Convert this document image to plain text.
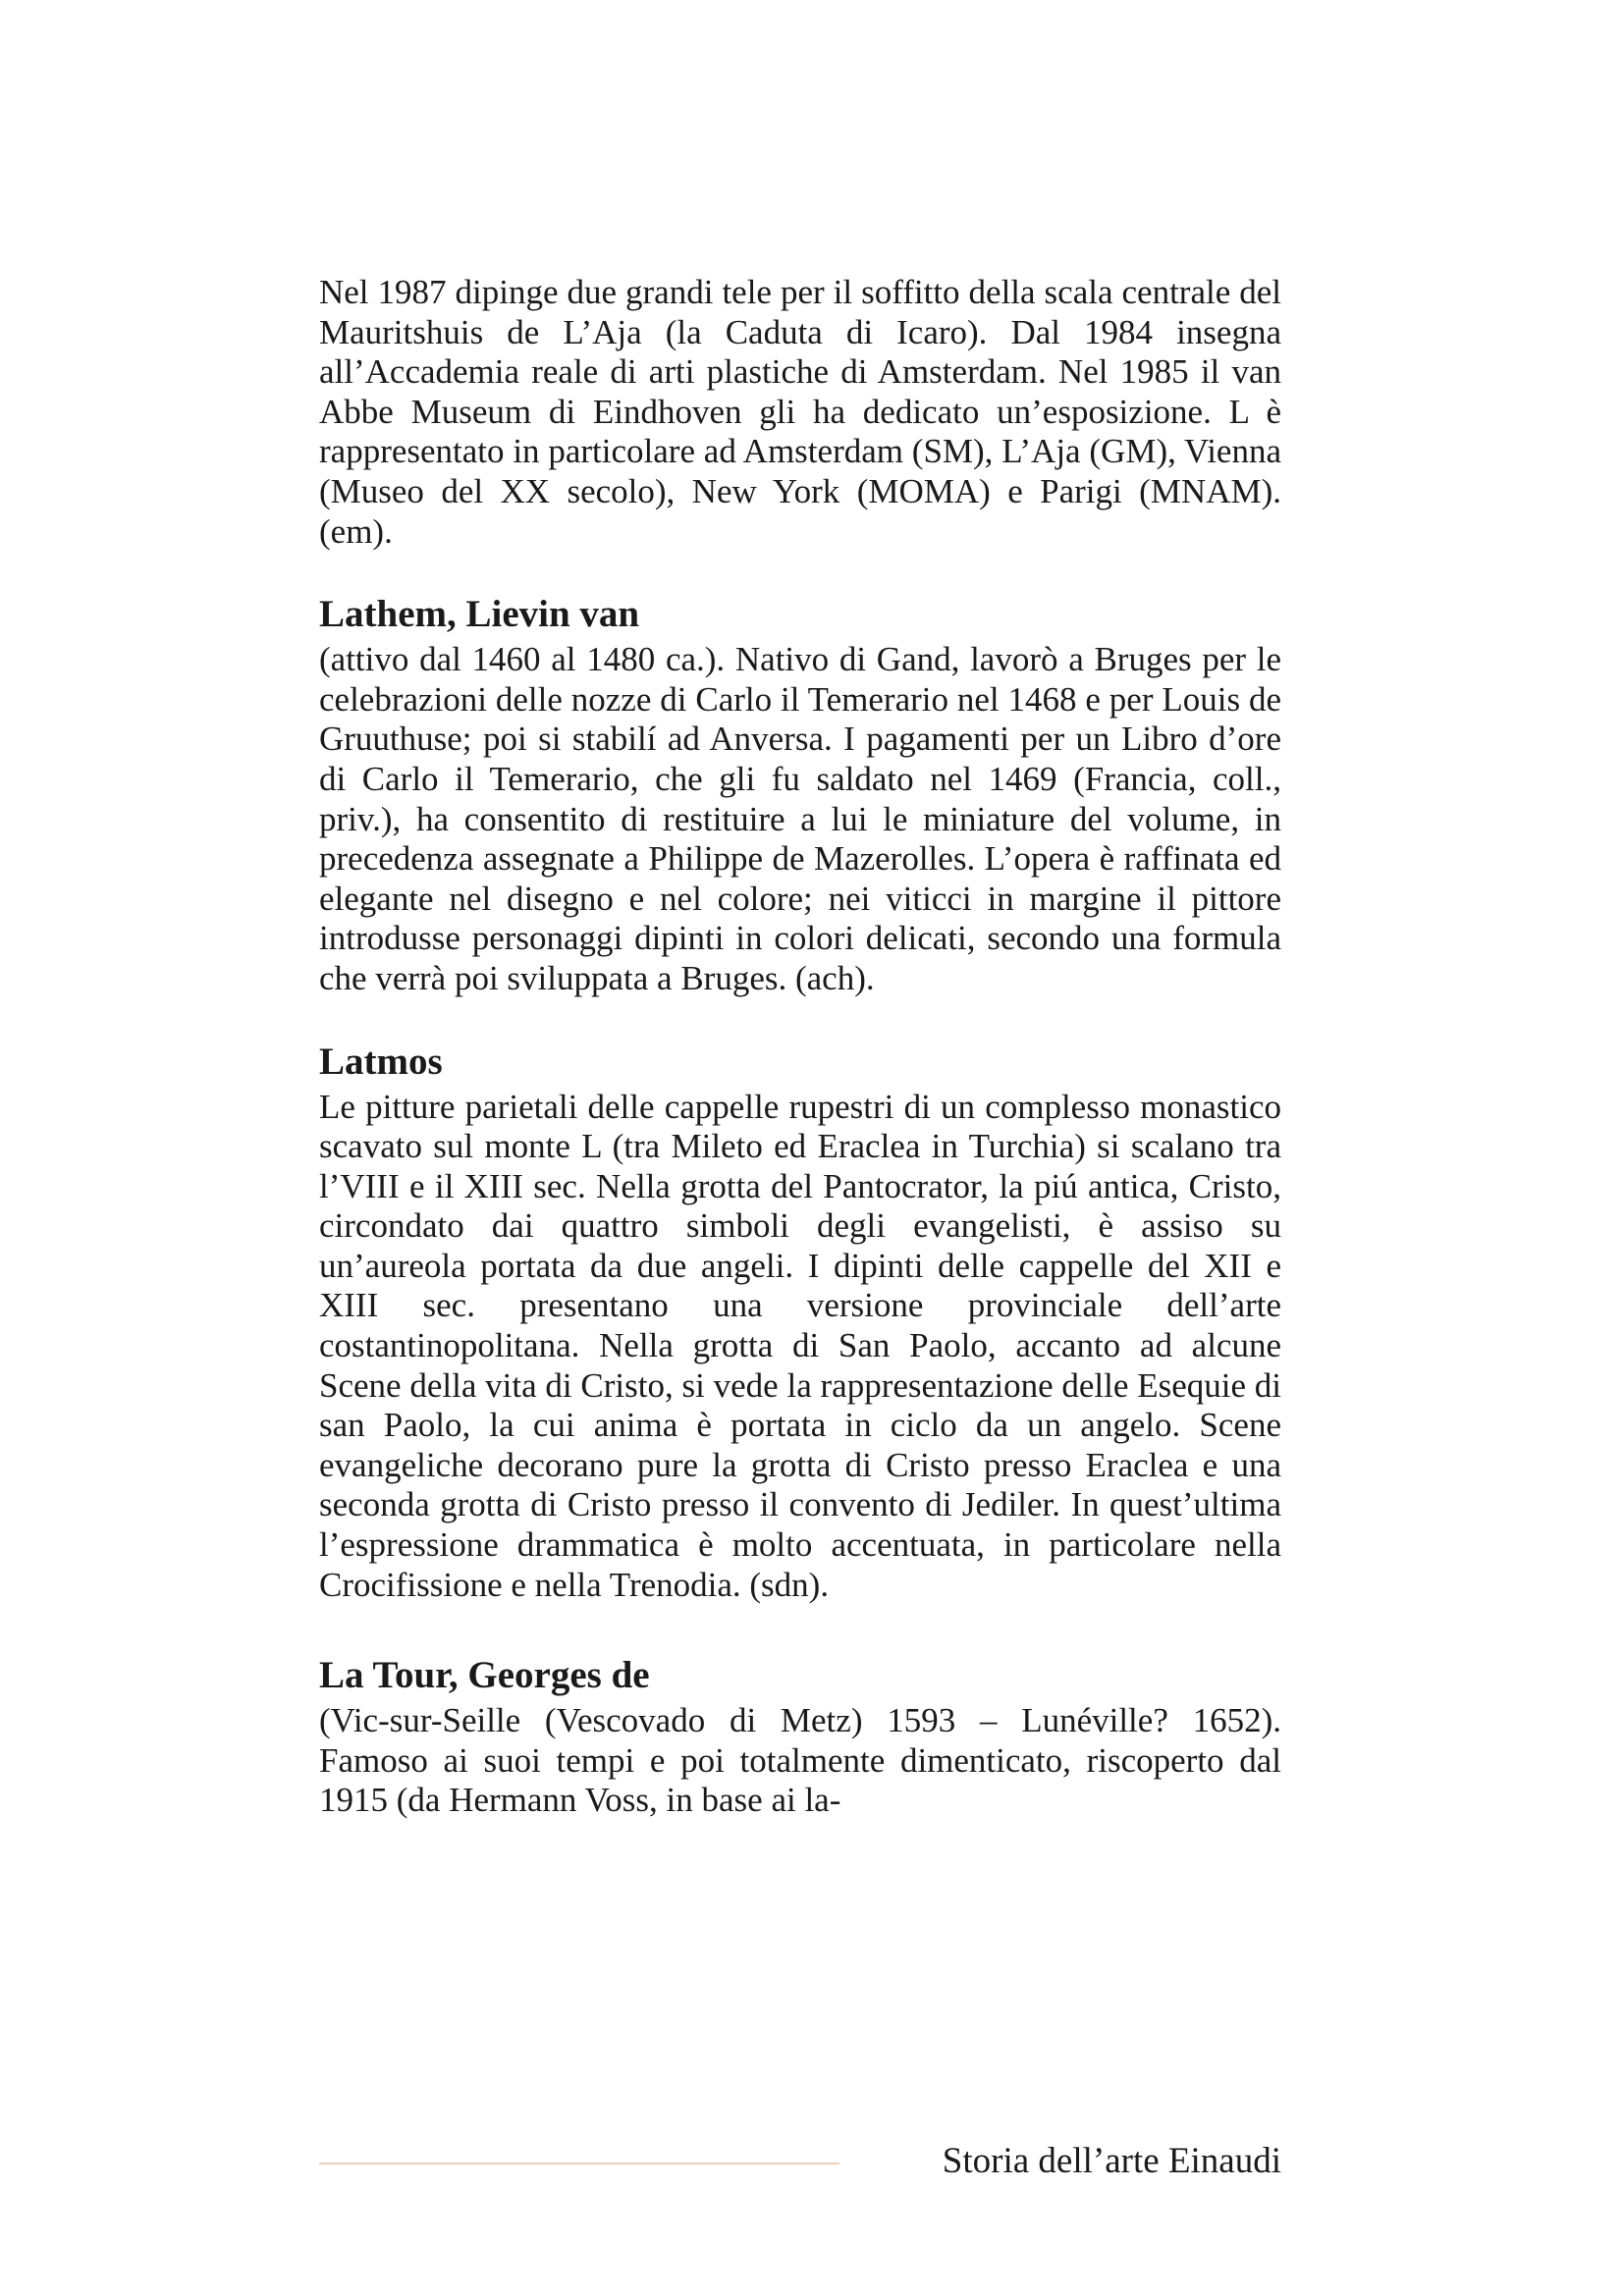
Nel 1987 dipinge due grandi tele per il soffitto della scala centrale del Mauritshuis de L’Aja (la Caduta di Icaro). Dal 1984 insegna all’Accademia reale di arti plastiche di Amsterdam. Nel 1985 il van Abbe Museum di Eindhoven gli ha dedicato un’esposizione. L è rappresentato in particolare ad Amsterdam (SM), L’Aja (GM), Vienna (Museo del XX secolo), New York (MOMA) e Parigi (MNAM). (em).

Lathem, Lievin van

(attivo dal 1460 al 1480 ca.). Nativo di Gand, lavorò a Bruges per le celebrazioni delle nozze di Carlo il Temerario nel 1468 e per Louis de Gruuthuse; poi si stabilí ad Anversa. I pagamenti per un Libro d’ore di Carlo il Temerario, che gli fu saldato nel 1469 (Francia, coll., priv.), ha consentito di restituire a lui le miniature del volume, in precedenza assegnate a Philippe de Mazerolles. L’opera è raffinata ed elegante nel disegno e nel colore; nei viticci in margine il pittore introdusse personaggi dipinti in colori delicati, secondo una formula che verrà poi sviluppata a Bruges. (ach).

Latmos

Le pitture parietali delle cappelle rupestri di un complesso monastico scavato sul monte L (tra Mileto ed Eraclea in Turchia) si scalano tra l’VIII e il XIII sec. Nella grotta del Pantocrator, la piú antica, Cristo, circondato dai quattro simboli degli evangelisti, è assiso su un’aureola portata da due angeli. I dipinti delle cappelle del XII e XIII sec. presentano una versione provinciale dell’arte costantinopolitana. Nella grotta di San Paolo, accanto ad alcune Scene della vita di Cristo, si vede la rappresentazione delle Esequie di san Paolo, la cui anima è portata in ciclo da un angelo. Scene evangeliche decorano pure la grotta di Cristo presso Eraclea e una seconda grotta di Cristo presso il convento di Jediler. In quest’ultima l’espressione drammatica è molto accentuata, in particolare nella Crocifissione e nella Trenodia. (sdn).

La Tour, Georges de

(Vic-sur-Seille (Vescovado di Metz) 1593 – Lunéville? 1652). Famoso ai suoi tempi e poi totalmente dimenticato, riscoperto dal 1915 (da Hermann Voss, in base ai la-

Storia dell’arte Einaudi
